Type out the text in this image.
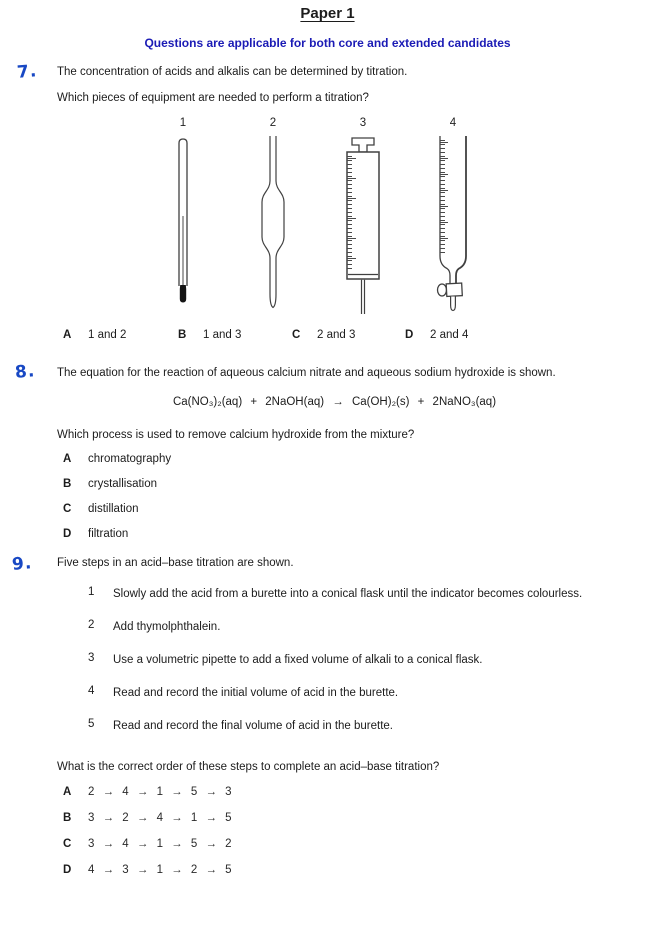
Paper 1
Questions are applicable for both core and extended candidates
7. The concentration of acids and alkalis can be determined by titration.
Which pieces of equipment are needed to perform a titration?
1	2	3	4
A	1 and 2	B	1 and 3	C	2 and 3	D	2 and 4
8. The equation for the reaction of aqueous calcium nitrate and aqueous sodium hydroxide is shown.
Ca(NO₃)₂(aq) + 2NaOH(aq) → Ca(OH)₂(s) + 2NaNO₃(aq)
Which process is used to remove calcium hydroxide from the mixture?
A	chromatography
B	crystallisation
C	distillation
D	filtration
9. Five steps in an acid–base titration are shown.
1	Slowly add the acid from a burette into a conical flask until the indicator becomes colourless.
2	Add thymolphthalein.
3	Use a volumetric pipette to add a fixed volume of alkali to a conical flask.
4	Read and record the initial volume of acid in the burette.
5	Read and record the final volume of acid in the burette.
What is the correct order of these steps to complete an acid–base titration?
A	2 → 4 → 1 → 5 → 3
B	3 → 2 → 4 → 1 → 5
C	3 → 4 → 1 → 5 → 2
D	4 → 3 → 1 → 2 → 5
